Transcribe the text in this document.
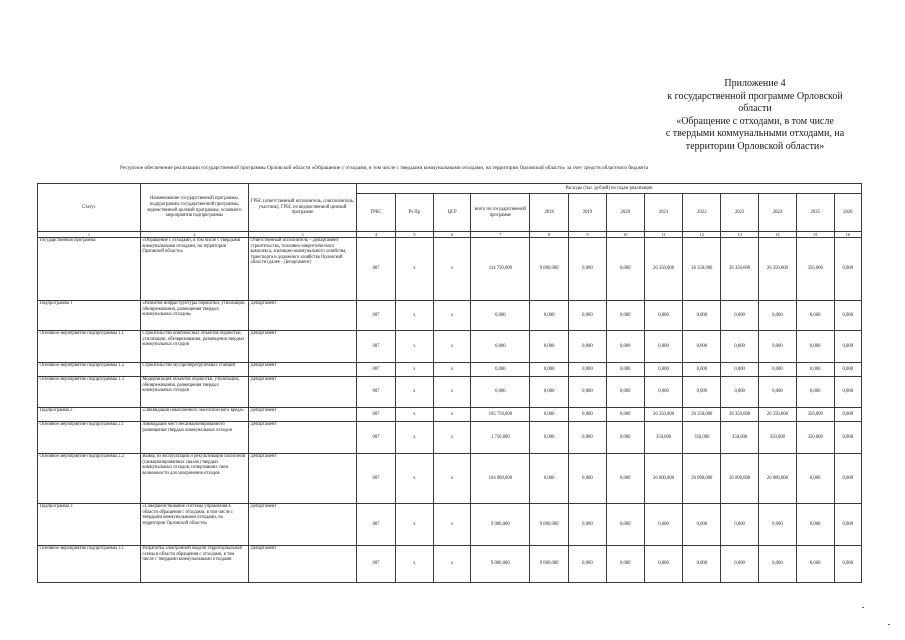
Приложение 4
к государственной программе Орловской
области
«Обращение с отходами, в том числе
с твердыми коммунальными отходами, на
территории Орловской области»
Ресурсное обеспечение реализации государственной программы Орловской области «Обращение с отходами, в том числе с твердыми коммунальными отходами, на территории Орловской области» за счет средств областного бюджета
Статус	Наименование государственной программы, подпрограммы государственной программы, ведомственной целевой программы, основного мероприятия подпрограммы	ГРБС (ответственный исполнитель, соисполнитель, участник), ГРБС по ведомственной целевой программе	Расходы (тыс. рублей) по годам реализации												
			ГРБС	Рз Пр	ЦСР	всего по государственной программе	2018	2019	2020	2021	2022	2023	2024	2025	2026
1	2	3	4	5	6	7	8	9	10	11	12	13	14	15	16
Государственная программа	«Обращение с отходами, в том числе с твердыми коммунальными отходами, на территории Орловской области»	Ответственный исполнитель – Департамент строительства, топливно-энергетического комплекса, жилищно-коммунального хозяйства, транспорта и дорожного хозяйства Орловской области (далее - Департамент)	007	x	x	114 750,000	9 000,000	0,000	0,000	26 350,000	26 350,000	26 350,000	26 350,000	350,000	0,000
Подпрограмма 1	«Развитие инфраструктуры обработки, утилизации, обезвреживания, размещения твердых коммунальных отходов»	Департамент	007	x	x	0,000	0,000	0,000	0,000	0,000	0,000	0,000	0,000	0,000	0,000
Основное мероприятие подпрограммы 1.1	Строительство комплексных объектов обработки, утилизации, обезвреживания, размещения твердых коммунальных отходов	Департамент	007	x	x	0,000	0,000	0,000	0,000	0,000	0,000	0,000	0,000	0,000	0,000
Основное мероприятие подпрограммы 1.2	Строительство мусороперегрузочных станций	Департамент	007	x	x	0,000	0,000	0,000	0,000	0,000	0,000	0,000	0,000	0,000	0,000
Основное мероприятие подпрограммы 1.3	Модернизация объектов обработки, утилизации, обезвреживания, размещения твердых коммунальных отходов	Департамент	007	x	x	0,000	0,000	0,000	0,000	0,000	0,000	0,000	0,000	0,000	0,000
Подпрограмма 2	«Ликвидация накопленного экологического вреда»	Департамент	007	x	x	105 750,000	0,000	0,000	0,000	26 350,000	26 350,000	26 350,000	26 350,000	350,000	0,000
Основное мероприятие подпрограммы 2.1	Ликвидация мест несанкционированного размещения твердых коммунальных отходов	Департамент	007	x	x	1 750,000	0,000	0,000	0,000	350,000	350,000	350,000	350,000	350,000	0,000
Основное мероприятие подпрограммы 2.2	Вывод из эксплуатации и рекультивация полигонов (санкционированных свалок) твердых коммунальных отходов, исчерпавших свои возможности для захоронения отходов	Департамент	007	x	x	104 000,000	0,000	0,000	0,000	26 000,000	26 000,000	26 000,000	26 000,000	0,000	0,000
Подпрограмма 3	«Совершенствование системы управления в области обращения с отходами, в том числе с твердыми коммунальными отходами, на территории Орловской области»	Департамент	007	x	x	9 000,000	9 000,000	0,000	0,000	0,000	0,000	0,000	0,000	0,000	0,000
Основное мероприятие подпрограммы 3.1	Разработка электронной модели территориальной схемы в области обращения с отходами, в том числе с твердыми коммунальными отходами	Департамент	007	x	x	9 000,000	9 000,000	0,000	0,000	0,000	0,000	0,000	0,000	0,000	0,000
